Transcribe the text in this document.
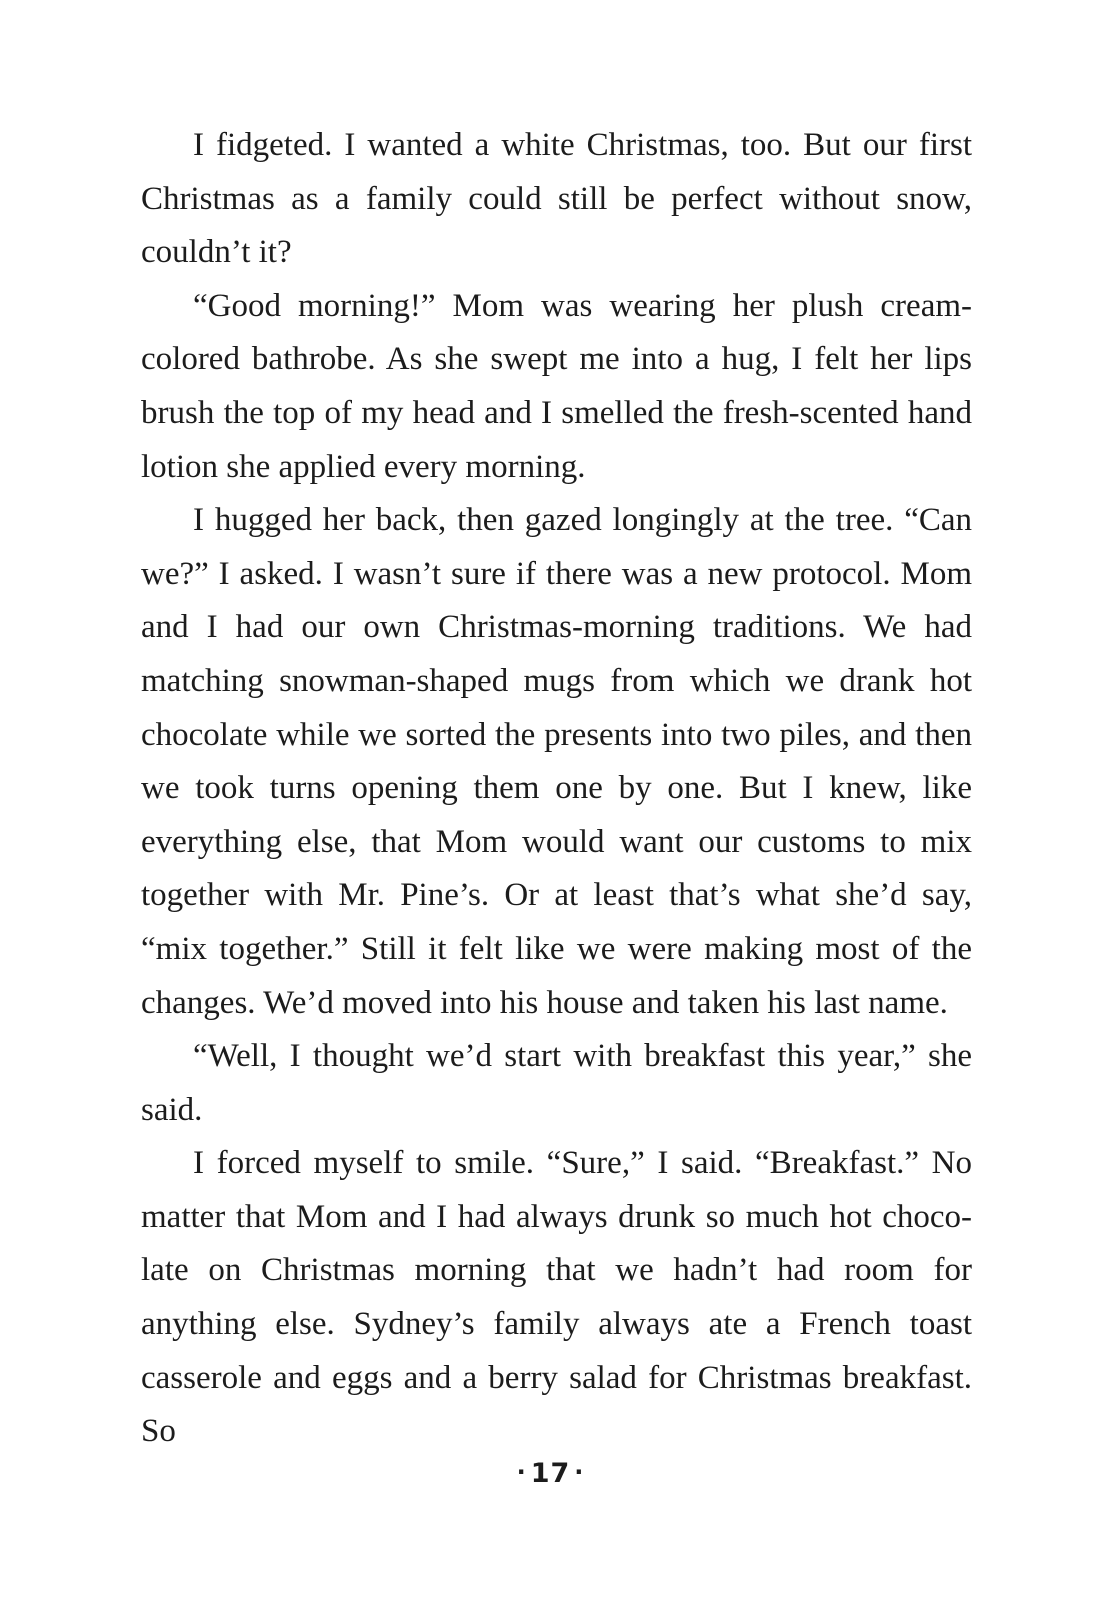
I fidgeted. I wanted a white Christmas, too. But our first Christmas as a family could still be perfect without snow, couldn’t it?

“Good morning!” Mom was wearing her plush cream-colored bathrobe. As she swept me into a hug, I felt her lips brush the top of my head and I smelled the fresh-scented hand lotion she applied every morning.

I hugged her back, then gazed longingly at the tree. “Can we?” I asked. I wasn’t sure if there was a new protocol. Mom and I had our own Christmas-morning traditions. We had matching snowman-shaped mugs from which we drank hot chocolate while we sorted the presents into two piles, and then we took turns opening them one by one. But I knew, like everything else, that Mom would want our customs to mix together with Mr. Pine’s. Or at least that’s what she’d say, “mix together.” Still it felt like we were making most of the changes. We’d moved into his house and taken his last name.

“Well, I thought we’d start with breakfast this year,” she said.

I forced myself to smile. “Sure,” I said. “Breakfast.” No matter that Mom and I had always drunk so much hot chocolate on Christmas morning that we hadn’t had room for anything else. Sydney’s family always ate a French toast casserole and eggs and a berry salad for Christmas breakfast. So

· 17 ·
